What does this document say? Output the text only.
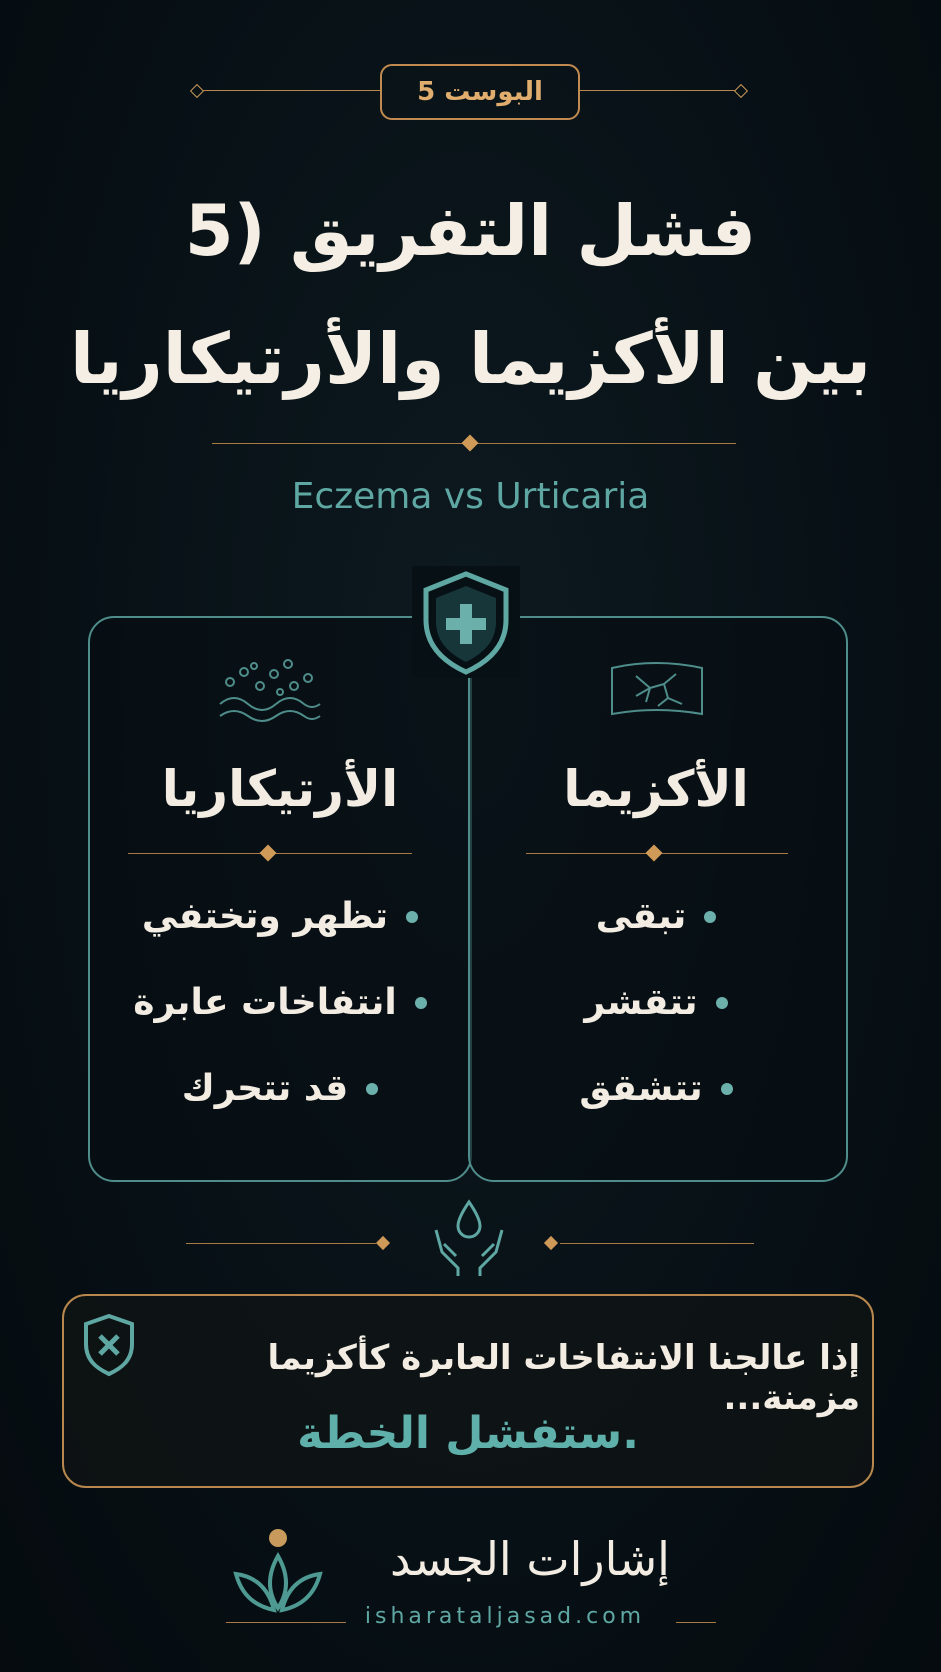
البوست 5
5) فشل التفريق
بين الأكزيما والأرتيكاريا
Eczema vs Urticaria
الأرتيكاريا	الأكزيما
تظهر وتختفي
انتفاخات عابرة
قد تتحرك
تبقى
تتقشر
تتشقق
إذا عالجنا الانتفاخات العابرة كأكزيما مزمنة...
ستفشل الخطة.
إشارات الجسد
isharataljasad.com
